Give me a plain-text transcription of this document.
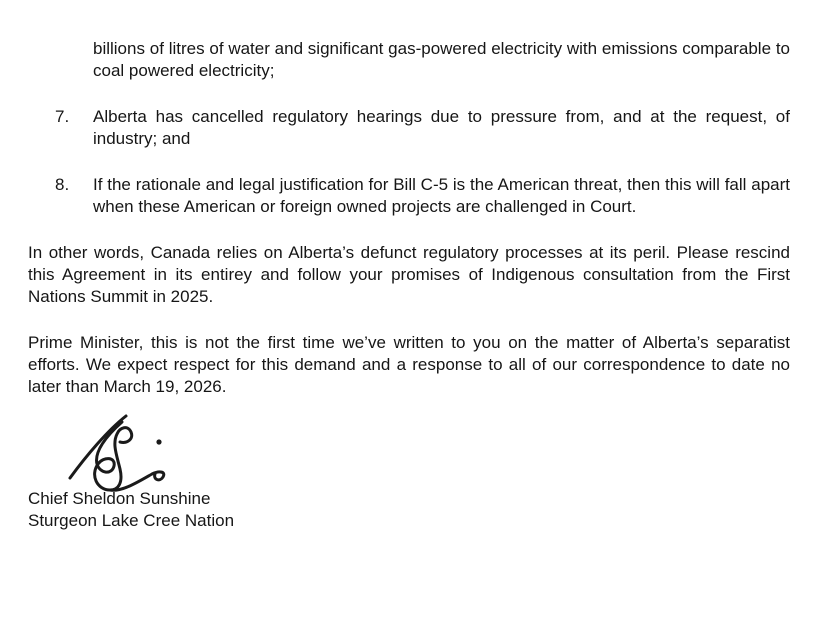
billions of litres of water and significant gas-powered electricity with emissions comparable to coal powered electricity;
7.	Alberta has cancelled regulatory hearings due to pressure from, and at the request, of industry; and
8.	If the rationale and legal justification for Bill C-5 is the American threat, then this will fall apart when these American or foreign owned projects are challenged in Court.
In other words, Canada relies on Alberta’s defunct regulatory processes at its peril. Please rescind this Agreement in its entirey and follow your promises of Indigenous consultation from the First Nations Summit in 2025.
Prime Minister, this is not the first time we’ve written to you on the matter of Alberta’s separatist efforts. We expect respect for this demand and a response to all of our correspondence to date no later than March 19, 2026.
Chief Sheldon Sunshine
Sturgeon Lake Cree Nation
